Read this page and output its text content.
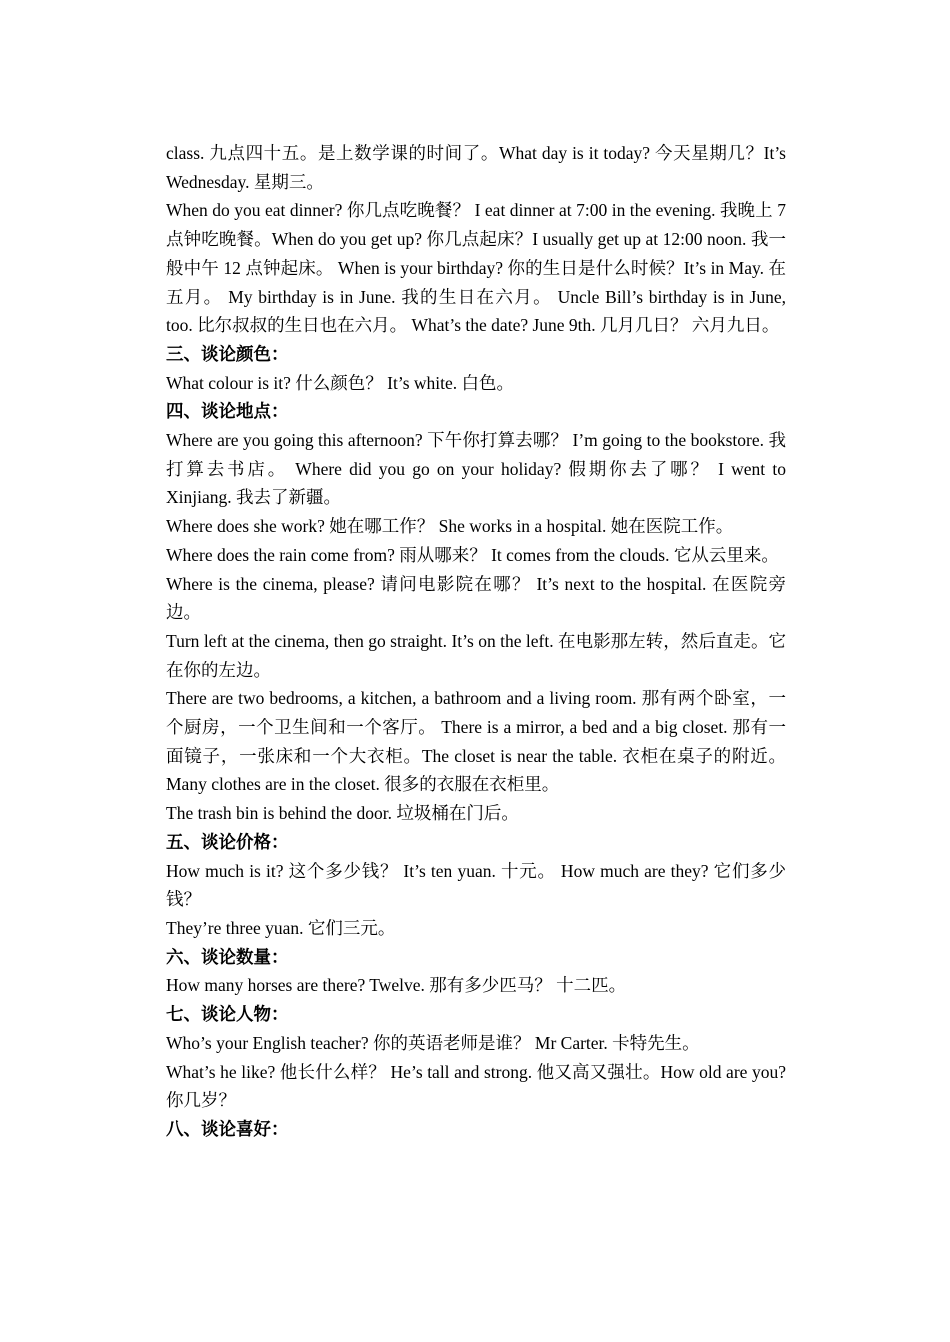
class. 九点四十五。是上数学课的时间了。What day is it today? 今天星期几？It’s Wednesday. 星期三。

When do you eat dinner? 你几点吃晚餐？ I eat dinner at 7:00 in the evening. 我晚上 7 点钟吃晚餐。When do you get up? 你几点起床？I usually get up at 12:00 noon. 我一般中午 12 点钟起床。 When is your birthday? 你的生日是什么时候？It’s in May. 在五月。 My birthday is in June. 我的生日在六月。 Uncle Bill’s birthday is in June, too. 比尔叔叔的生日也在六月。 What’s the date? June 9th. 几月几日？ 六月九日。

三、谈论颜色：

What colour is it? 什么颜色？ It’s white. 白色。

四、谈论地点：

Where are you going this afternoon? 下午你打算去哪？ I’m going to the bookstore. 我打算去书店。 Where did you go on your holiday? 假期你去了哪？ I went to Xinjiang. 我去了新疆。

Where does she work? 她在哪工作？ She works in a hospital. 她在医院工作。

Where does the rain come from? 雨从哪来？ It comes from the clouds. 它从云里来。

Where is the cinema, please? 请问电影院在哪？ It’s next to the hospital. 在医院旁边。

Turn left at the cinema, then go straight. It’s on the left. 在电影那左转，然后直走。它在你的左边。

There are two bedrooms, a kitchen, a bathroom and a living room. 那有两个卧室，一个厨房，一个卫生间和一个客厅。 There is a mirror, a bed and a big closet. 那有一面镜子，一张床和一个大衣柜。The closet is near the table. 衣柜在桌子的附近。 Many clothes are in the closet. 很多的衣服在衣柜里。

The trash bin is behind the door. 垃圾桶在门后。

五、谈论价格：

How much is it? 这个多少钱？ It’s ten yuan. 十元。 How much are they? 它们多少钱？

They’re three yuan. 它们三元。

六、谈论数量：

How many horses are there? Twelve. 那有多少匹马？ 十二匹。

七、谈论人物：

Who’s your English teacher? 你的英语老师是谁？ Mr Carter. 卡特先生。

What’s he like? 他长什么样？ He’s tall and strong. 他又高又强壮。How old are you? 你几岁？

八、谈论喜好：
